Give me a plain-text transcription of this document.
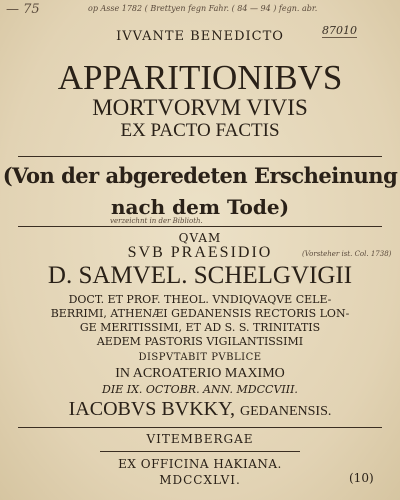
— 75	op Asse 1782 ( Brettyen fegn Fahr. ( 84 — 94 ) fegn. abr.
87010
IVVANTE BENEDICTO
APPARITIONIBVS
MORTVORVM VIVIS
EX PACTO FACTIS
(Von der abgeredeten Erscheinung
nach dem Tode)
verzeichnt in der Biblioth.
QVAM
SVB PRAESIDIO	(Vorsteher ist. Col. 1738)
D. SAMVEL. SCHELGVIGII
DOCT. ET PROF. THEOL. VNDIQVAQVE CELE-
BERRIMI, ATHENÆI GEDANENSIS RECTORIS LON-
GE MERITISSIMI, ET AD S. S. TRINITATIS
AEDEM PASTORIS VIGILANTISSIMI
DISPVTABIT PVBLICE
IN ACROATERIO MAXIMO
DIE IX. OCTOBR. ANN. MDCCVIII.
IACOBVS BVKKY, GEDANENSIS.
VITEMBERGAE
EX OFFICINA HAKIANA.
MDCCXLVI.	(10)
